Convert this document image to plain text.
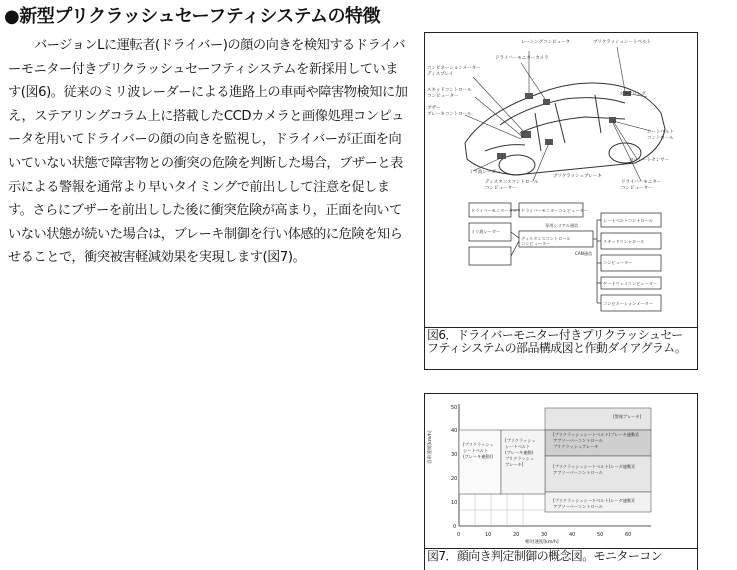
●新型プリクラッシュセーフティシステムの特徴

バージョンLに運転者(ドライバー)の顔の向きを検知するドライバーモニター付きプリクラッシュセーフティシステムを新採用しています(図6)。従来のミリ波レーダーによる進路上の車両や障害物検知に加え，ステアリングコラム上に搭載したCCDカメラと画像処理コンピュータを用いてドライバーの顔の向きを監視し，ドライバーが正面を向いていない状態で障害物との衝突の危険を判断した場合，ブザーと表示による警報を通常より早いタイミングで前出しして注意を促します。さらにブザーを前出しした後に衝突危険が高まり，正面を向いていない状態が続いた場合は，ブレーキ制御を行い体感的に危険を知らせることで，衝突被害軽減効果を実現します(図7)。

レーシングコンピュータ
ドライバーモニターカメラ
プリクラッシュシートベルト
コンビネーションメーター
ディスプレイ
スキッドコントロール
コンピューター
ブザー
ブレーキコントロール
ミリ波レーダー
ディスタンスコントロール
コンピューター
ステアリング
シートベルト
コントロール
ヨーレートセンサー
プリクラッシュブレーキ
ドライバーモニター
コンピューター
ドライバーモニターカメラ ドライバーモニターコンピューター
専用シリアル通信
ミリ波レーダー
ディスタンスコントロール
コンピューター
CAN通信
シートベルトコントロール
スキッドコントロール
コンピューター
ゲートウェイコンピューター
コンビネーションメーター

図6．ドライバーモニター付きプリクラッシュセーフティシステムの部品構成図と作動ダイアグラム。

[警報ブレーキ]
[プリクラッシュシートベルト(プレーキ連動)]
アブソーバーコントロール
プリクラッシュブレーキ
[プリクラッシュシートベルト(レーダ連動)]
アブソーバーコントロール
[プリクラッシュシートベルト(レーダ連動)]
アブソーバーコントロール
[プリクラッシュ
シートベルト
(ブレーキ連動)]
[プリクラッシュ
シートベルト
(ブレーキ連動)
プリクラッシュ
ブレーキ]
50
40
30
20
10
0
0	10	20	30	40	50	60
自車速度[km/h]
相対速度[km/h]

図7．顔向き判定制御の概念図。モニターコン
